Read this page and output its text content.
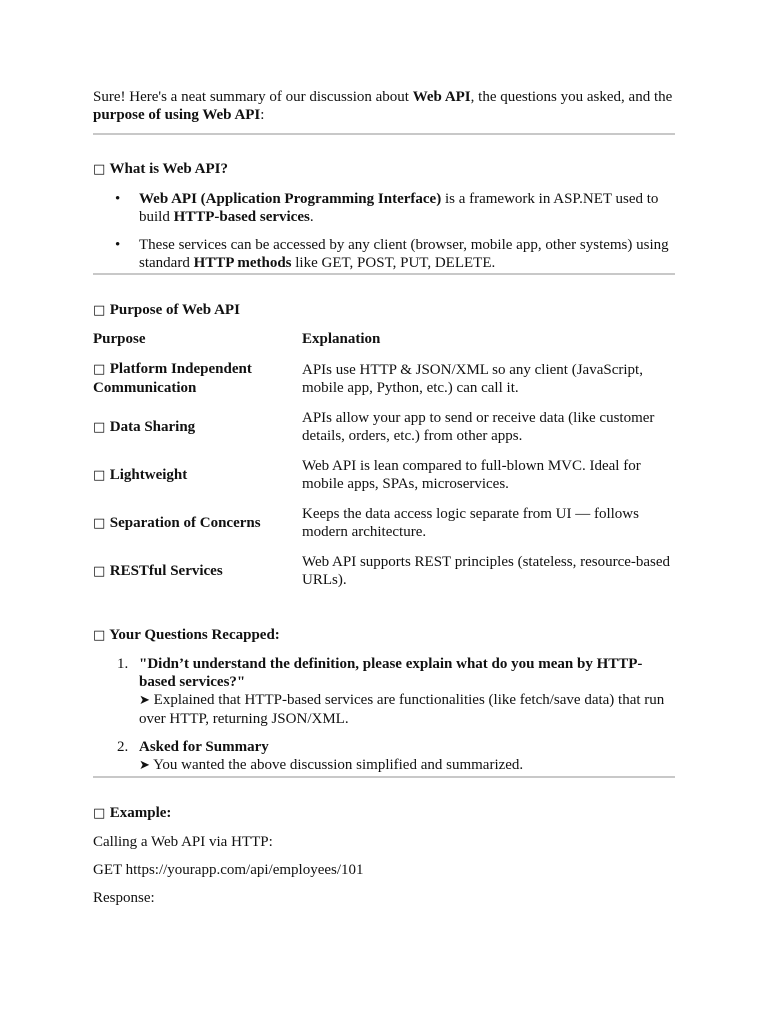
Sure! Here's a neat summary of our discussion about Web API, the questions you asked, and the purpose of using Web API:

□ What is Web API?

• Web API (Application Programming Interface) is a framework in ASP.NET used to build HTTP-based services.
• These services can be accessed by any client (browser, mobile app, other systems) using standard HTTP methods like GET, POST, PUT, DELETE.

□ Purpose of Web API

Purpose	Explanation

□ Platform Independent Communication	APIs use HTTP & JSON/XML so any client (JavaScript, mobile app, Python, etc.) can call it.

□ Data Sharing	APIs allow your app to send or receive data (like customer details, orders, etc.) from other apps.

□ Lightweight	Web API is lean compared to full-blown MVC. Ideal for mobile apps, SPAs, microservices.

□ Separation of Concerns	Keeps the data access logic separate from UI — follows modern architecture.

□ RESTful Services	Web API supports REST principles (stateless, resource-based URLs).

□ Your Questions Recapped:

1. "Didn’t understand the definition, please explain what do you mean by HTTP-based services?"
➤ Explained that HTTP-based services are functionalities (like fetch/save data) that run over HTTP, returning JSON/XML.
2. Asked for Summary
➤ You wanted the above discussion simplified and summarized.

□ Example:

Calling a Web API via HTTP:

GET https://yourapp.com/api/employees/101

Response:
